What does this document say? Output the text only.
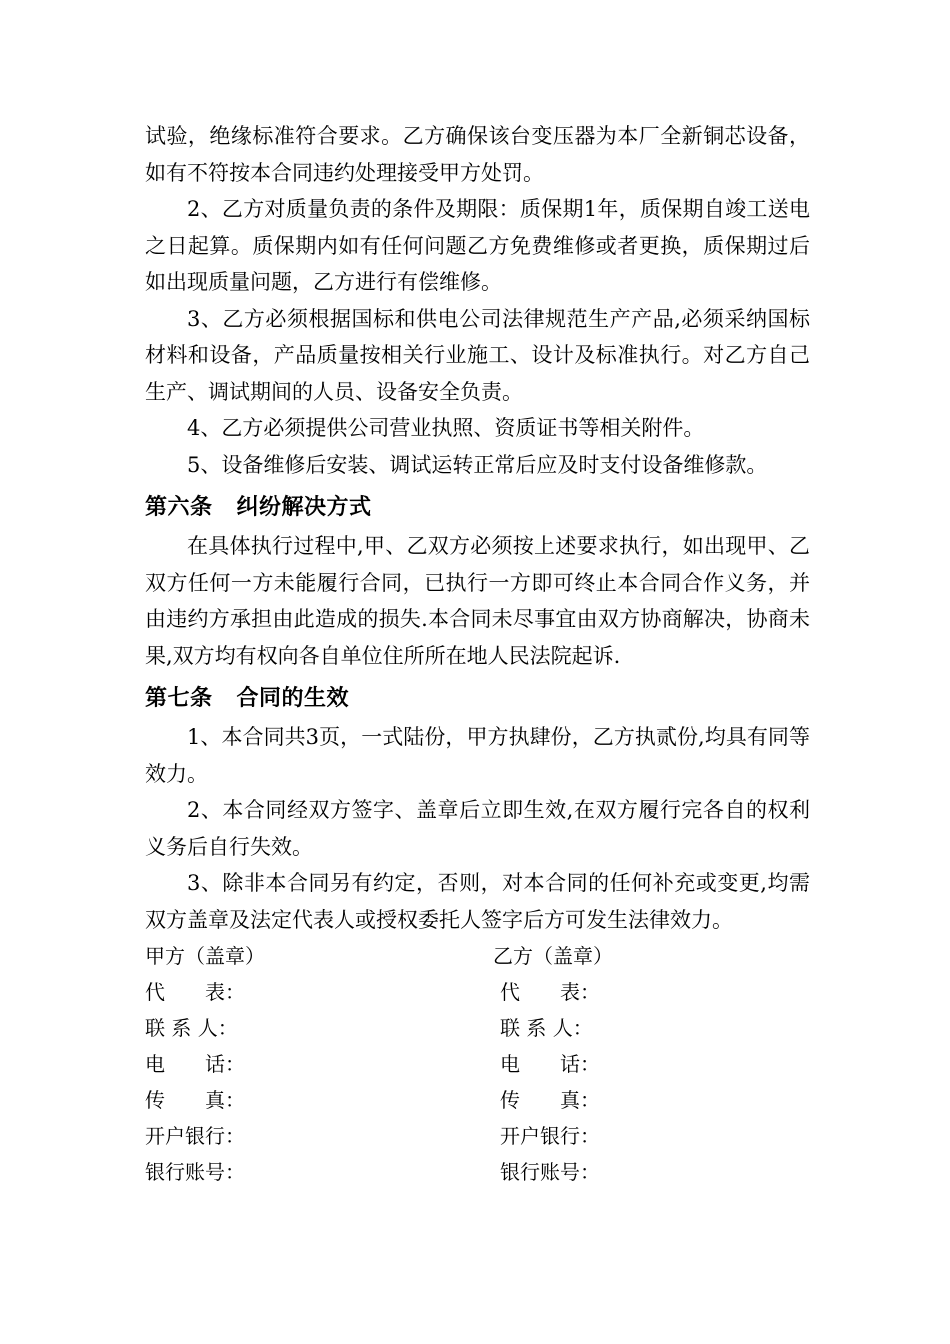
试验，绝缘标准符合要求。乙方确保该台变压器为本厂全新铜芯设备，如有不符按本合同违约处理接受甲方处罚。

2、乙方对质量负责的条件及期限：质保期1年，质保期自竣工送电之日起算。质保期内如有任何问题乙方免费维修或者更换，质保期过后如出现质量问题，乙方进行有偿维修。

3、乙方必须根据国标和供电公司法律规范生产产品,必须采纳国标材料和设备，产品质量按相关行业施工、设计及标准执行。对乙方自己生产、调试期间的人员、设备安全负责。

4、乙方必须提供公司营业执照、资质证书等相关附件。

5、设备维修后安装、调试运转正常后应及时支付设备维修款。

第六条 纠纷解决方式

在具体执行过程中,甲、乙双方必须按上述要求执行，如出现甲、乙双方任何一方未能履行合同，已执行一方即可终止本合同合作义务，并由违约方承担由此造成的损失.本合同未尽事宜由双方协商解决，协商未果,双方均有权向各自单位住所所在地人民法院起诉.

第七条 合同的生效

1、本合同共3页，一式陆份，甲方执肆份，乙方执贰份,均具有同等效力。

2、本合同经双方签字、盖章后立即生效,在双方履行完各自的权利义务后自行失效。

3、除非本合同另有约定，否则，对本合同的任何补充或变更,均需双方盖章及法定代表人或授权委托人签字后方可发生法律效力。

甲方（盖章）	乙方（盖章）
代　　表：	代　　表：
联 系 人：	联 系 人：
电　　话：	电　　话：
传　　真：	传　　真：
开户银行：	开户银行：
银行账号：	银行账号：
